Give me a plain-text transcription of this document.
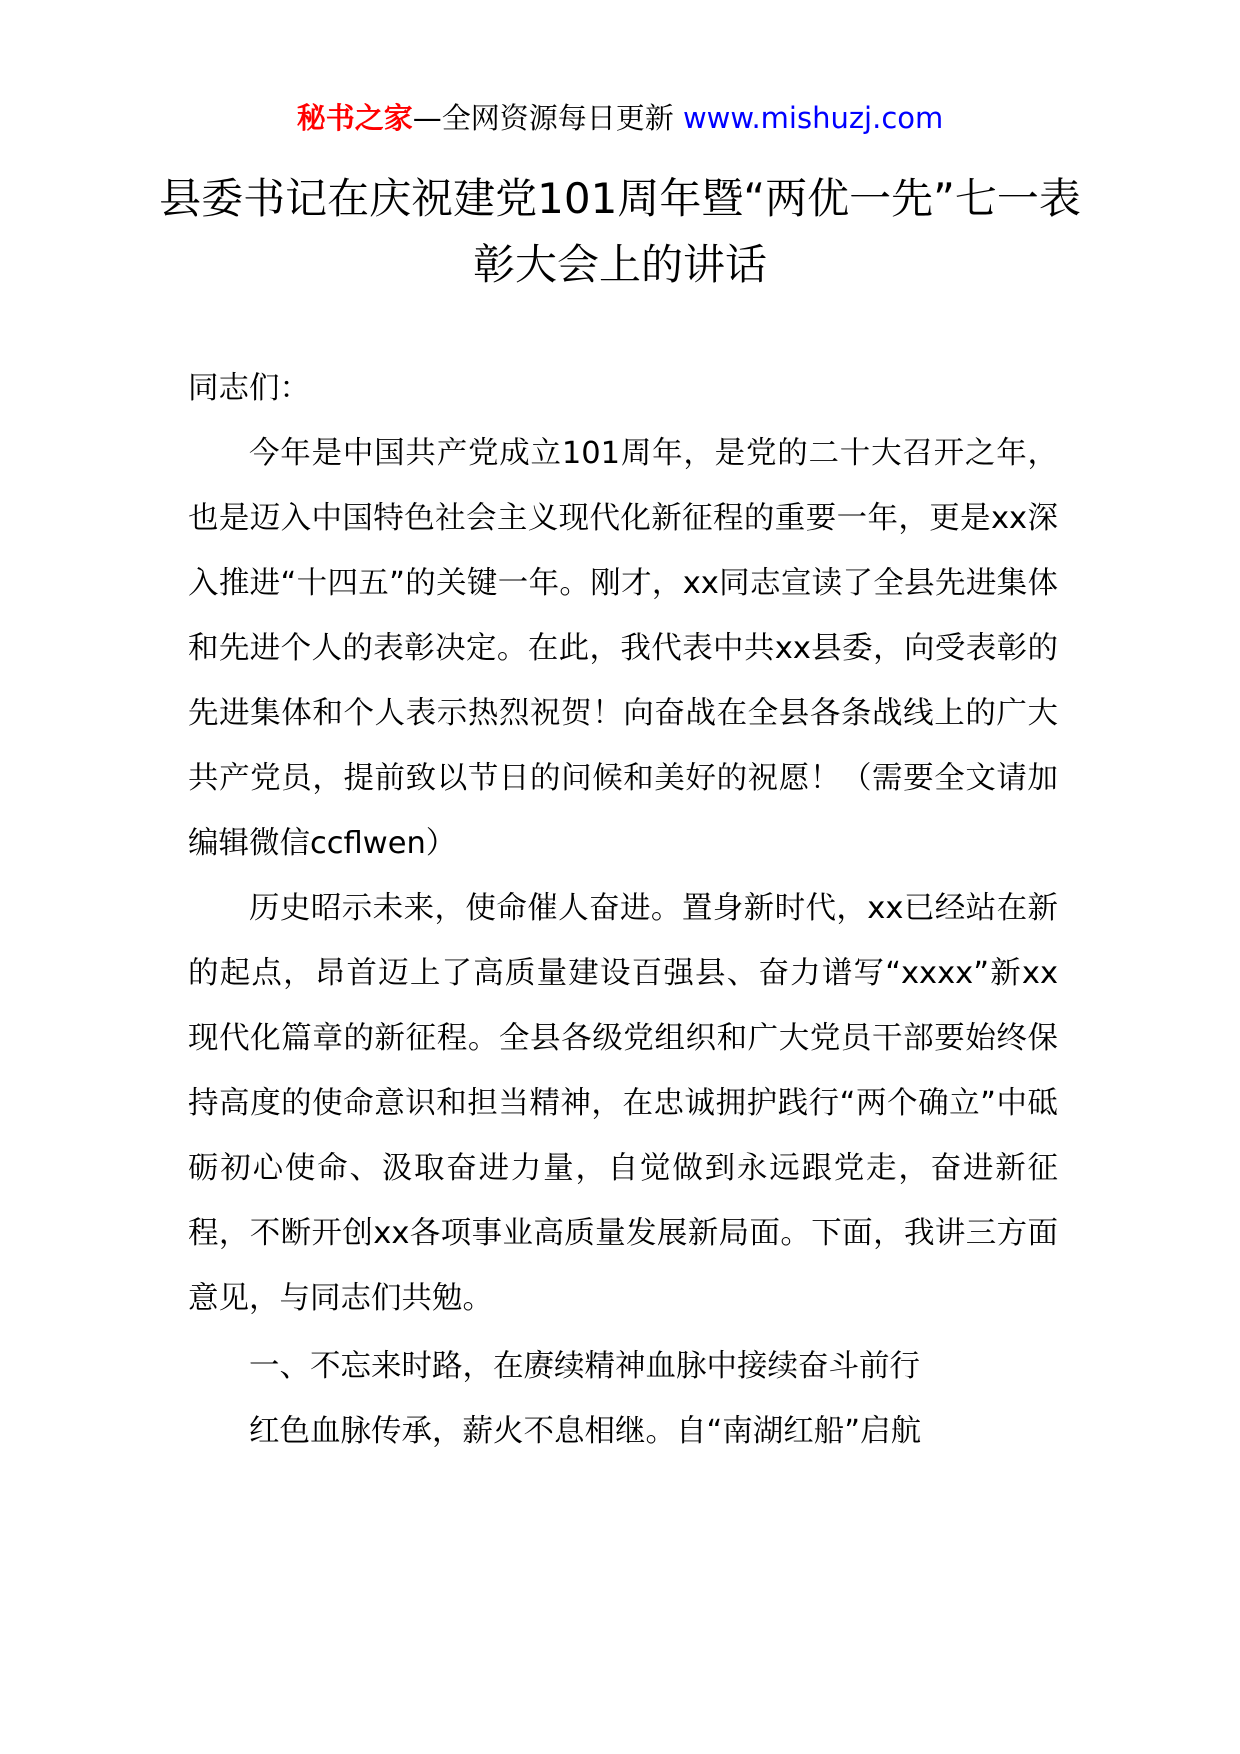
秘书之家—全网资源每日更新 www.mishuzj.com
县委书记在庆祝建党101周年暨“两优一先”七一表彰大会上的讲话

同志们：

今年是中国共产党成立101周年，是党的二十大召开之年，也是迈入中国特色社会主义现代化新征程的重要一年，更是xx深入推进“十四五”的关键一年。刚才，xx同志宣读了全县先进集体和先进个人的表彰决定。在此，我代表中共xx县委，向受表彰的先进集体和个人表示热烈祝贺！向奋战在全县各条战线上的广大共产党员，提前致以节日的问候和美好的祝愿！（需要全文请加编辑微信ccflwen）

历史昭示未来，使命催人奋进。置身新时代，xx已经站在新的起点，昂首迈上了高质量建设百强县、奋力谱写“xxxx”新xx现代化篇章的新征程。全县各级党组织和广大党员干部要始终保持高度的使命意识和担当精神，在忠诚拥护践行“两个确立”中砥砺初心使命、汲取奋进力量，自觉做到永远跟党走，奋进新征程，不断开创xx各项事业高质量发展新局面。下面，我讲三方面意见，与同志们共勉。

一、不忘来时路，在赓续精神血脉中接续奋斗前行

红色血脉传承，薪火不息相继。自“南湖红船”启航
